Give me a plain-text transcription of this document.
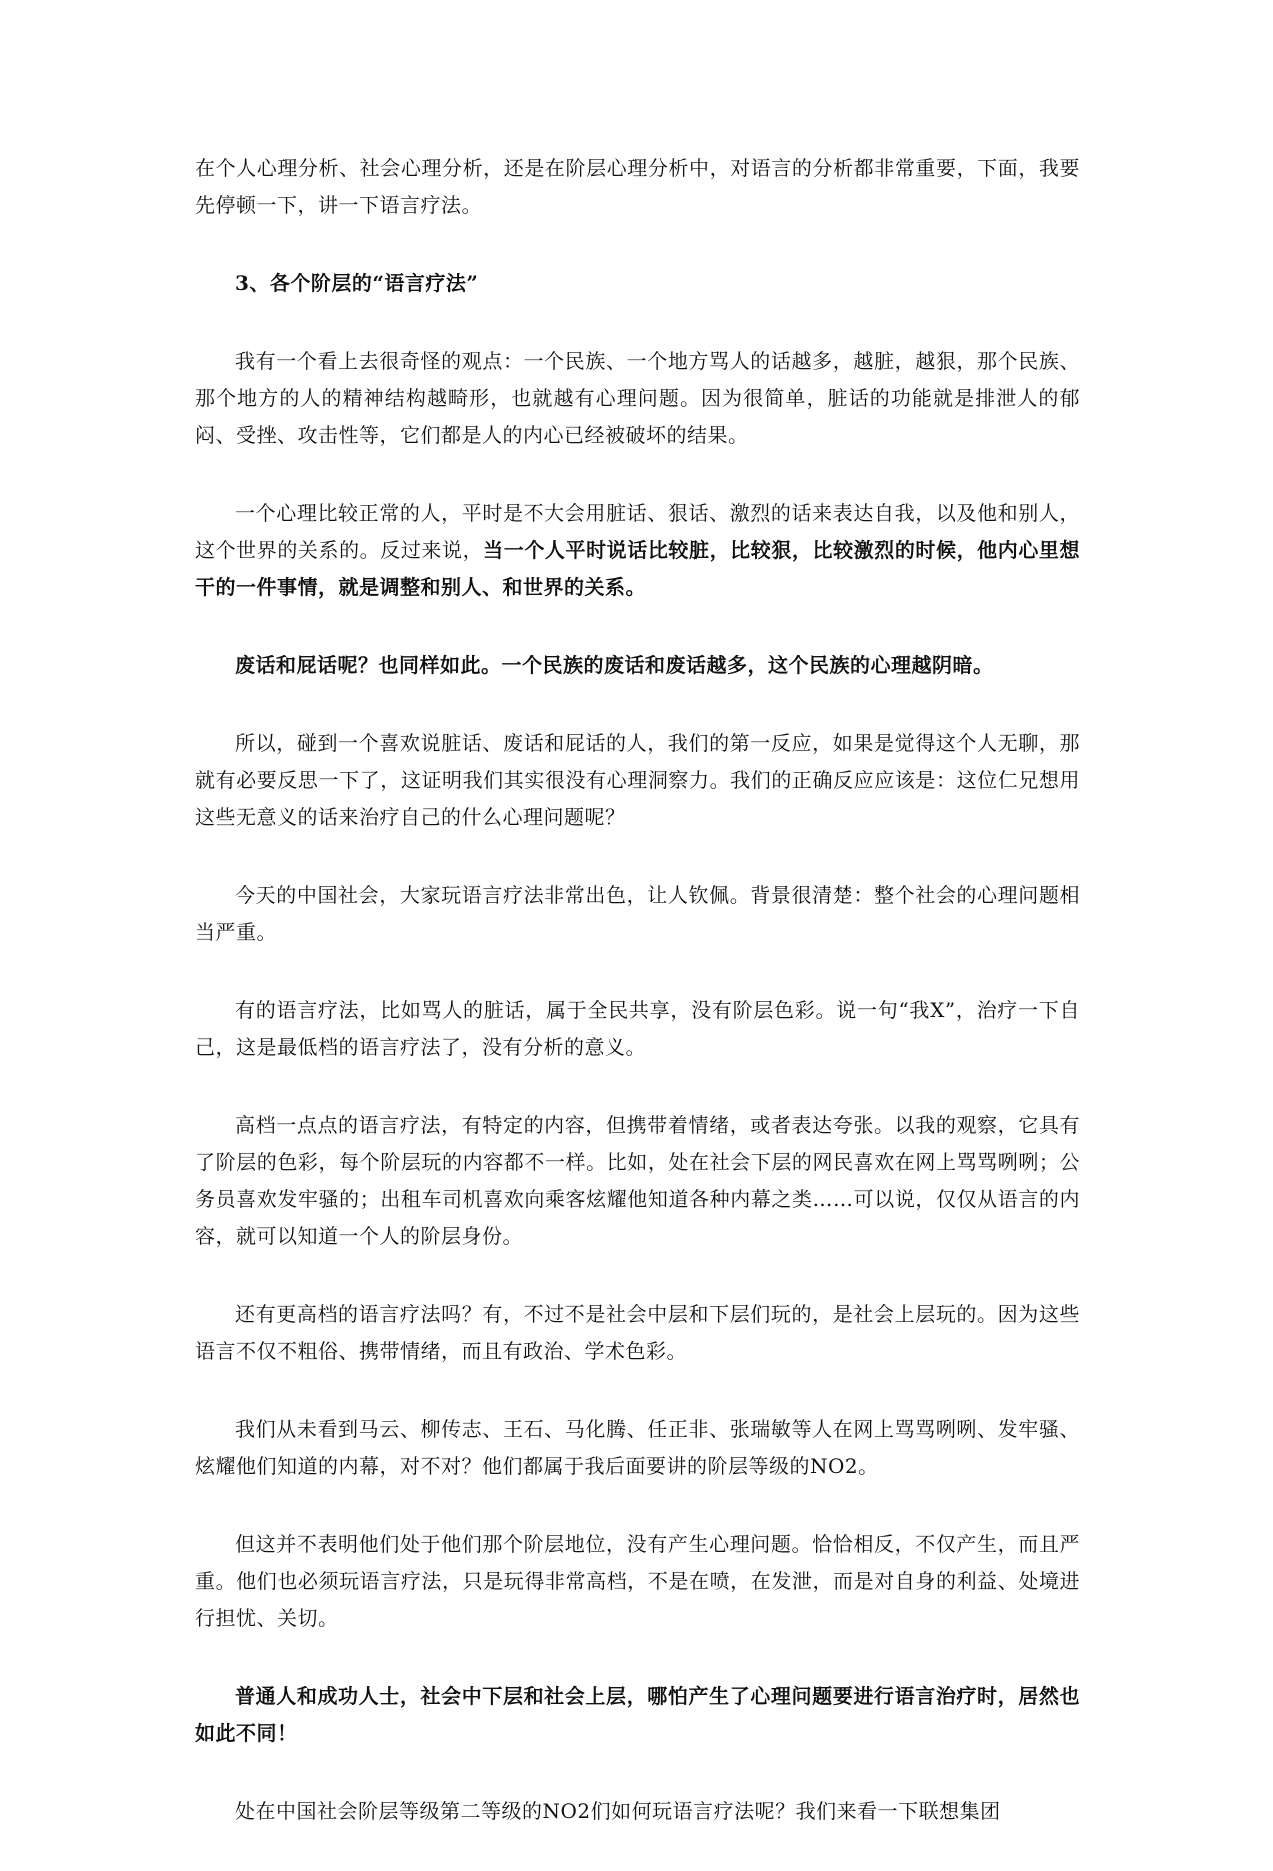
在个人心理分析、社会心理分析，还是在阶层心理分析中，对语言的分析都非常重要，下面，我要先停顿一下，讲一下语言疗法。

3、各个阶层的“语言疗法”

我有一个看上去很奇怪的观点：一个民族、一个地方骂人的话越多，越脏，越狠，那个民族、那个地方的人的精神结构越畸形，也就越有心理问题。因为很简单，脏话的功能就是排泄人的郁闷、受挫、攻击性等，它们都是人的内心已经被破坏的结果。

一个心理比较正常的人，平时是不大会用脏话、狠话、激烈的话来表达自我，以及他和别人，这个世界的关系的。反过来说，当一个人平时说话比较脏，比较狠，比较激烈的时候，他内心里想干的一件事情，就是调整和别人、和世界的关系。

废话和屁话呢？也同样如此。一个民族的废话和废话越多，这个民族的心理越阴暗。

所以，碰到一个喜欢说脏话、废话和屁话的人，我们的第一反应，如果是觉得这个人无聊，那就有必要反思一下了，这证明我们其实很没有心理洞察力。我们的正确反应应该是：这位仁兄想用这些无意义的话来治疗自己的什么心理问题呢？

今天的中国社会，大家玩语言疗法非常出色，让人钦佩。背景很清楚：整个社会的心理问题相当严重。

有的语言疗法，比如骂人的脏话，属于全民共享，没有阶层色彩。说一句“我X”，治疗一下自己，这是最低档的语言疗法了，没有分析的意义。

高档一点点的语言疗法，有特定的内容，但携带着情绪，或者表达夸张。以我的观察，它具有了阶层的色彩，每个阶层玩的内容都不一样。比如，处在社会下层的网民喜欢在网上骂骂咧咧；公务员喜欢发牢骚的；出租车司机喜欢向乘客炫耀他知道各种内幕之类……可以说，仅仅从语言的内容，就可以知道一个人的阶层身份。

还有更高档的语言疗法吗？有，不过不是社会中层和下层们玩的，是社会上层玩的。因为这些语言不仅不粗俗、携带情绪，而且有政治、学术色彩。

我们从未看到马云、柳传志、王石、马化腾、任正非、张瑞敏等人在网上骂骂咧咧、发牢骚、炫耀他们知道的内幕，对不对？他们都属于我后面要讲的阶层等级的NO2。

但这并不表明他们处于他们那个阶层地位，没有产生心理问题。恰恰相反，不仅产生，而且严重。他们也必须玩语言疗法，只是玩得非常高档，不是在喷，在发泄，而是对自身的利益、处境进行担忧、关切。

普通人和成功人士，社会中下层和社会上层，哪怕产生了心理问题要进行语言治疗时，居然也如此不同！

处在中国社会阶层等级第二等级的NO2们如何玩语言疗法呢？我们来看一下联想集团
